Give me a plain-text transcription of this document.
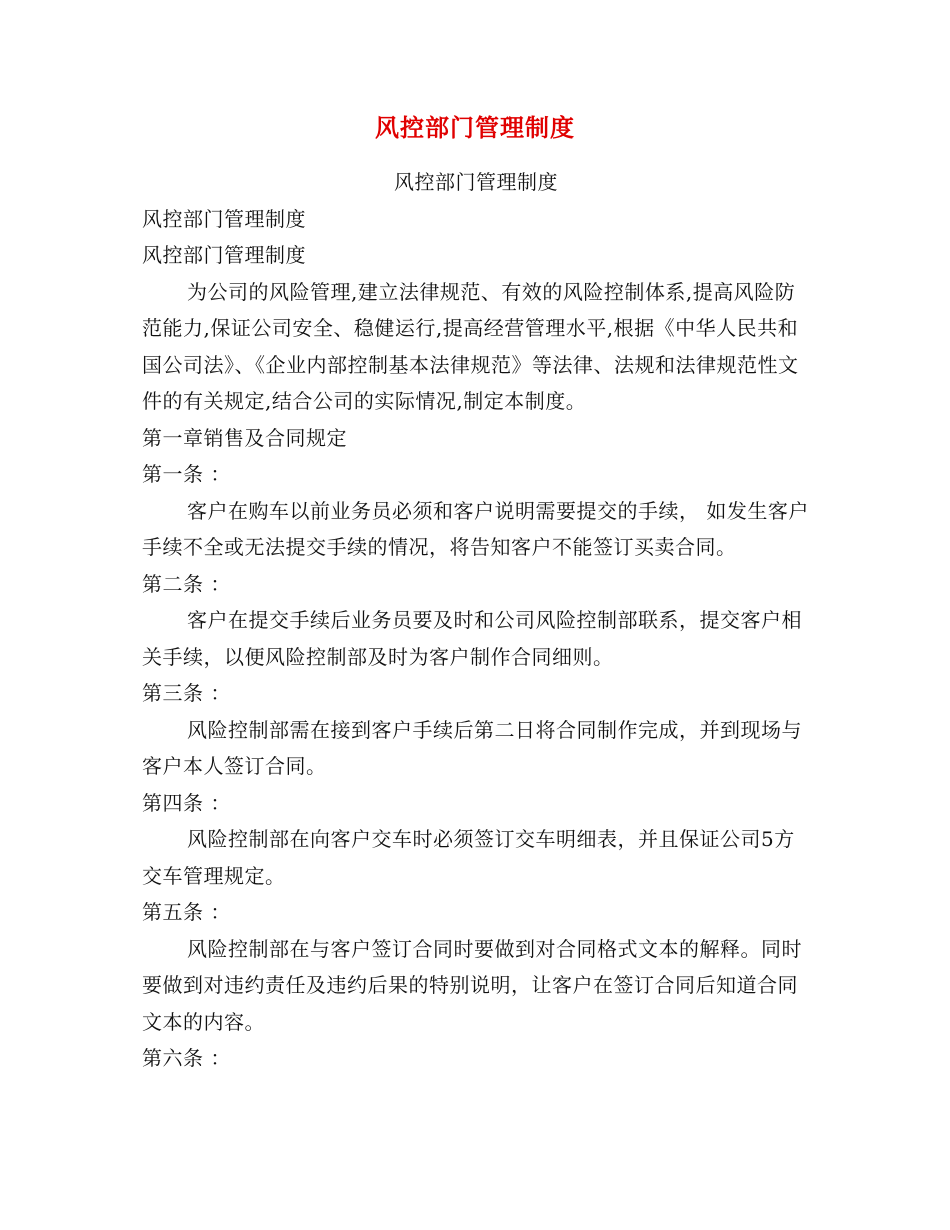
风控部门管理制度

风控部门管理制度

风控部门管理制度

风控部门管理制度

为公司的风险管理,建立法律规范、有效的风险控制体系,提高风险防范能力,保证公司安全、稳健运行,提高经营管理水平,根据《中华人民共和国公司法》、《企业内部控制基本法律规范》等法律、法规和法律规范性文件的有关规定,结合公司的实际情况,制定本制度。

第一章销售及合同规定

第一条 ：

客户在购车以前业务员必须和客户说明需要提交的手续， 如发生客户手续不全或无法提交手续的情况，将告知客户不能签订买卖合同。

第二条 ：

客户在提交手续后业务员要及时和公司风险控制部联系，提交客户相关手续，以便风险控制部及时为客户制作合同细则。

第三条 ：

风险控制部需在接到客户手续后第二日将合同制作完成，并到现场与客户本人签订合同。

第四条 ：

风险控制部在向客户交车时必须签订交车明细表，并且保证公司5方交车管理规定。

第五条 ：

风险控制部在与客户签订合同时要做到对合同格式文本的解释。同时要做到对违约责任及违约后果的特别说明，让客户在签订合同后知道合同文本的内容。

第六条 ：
